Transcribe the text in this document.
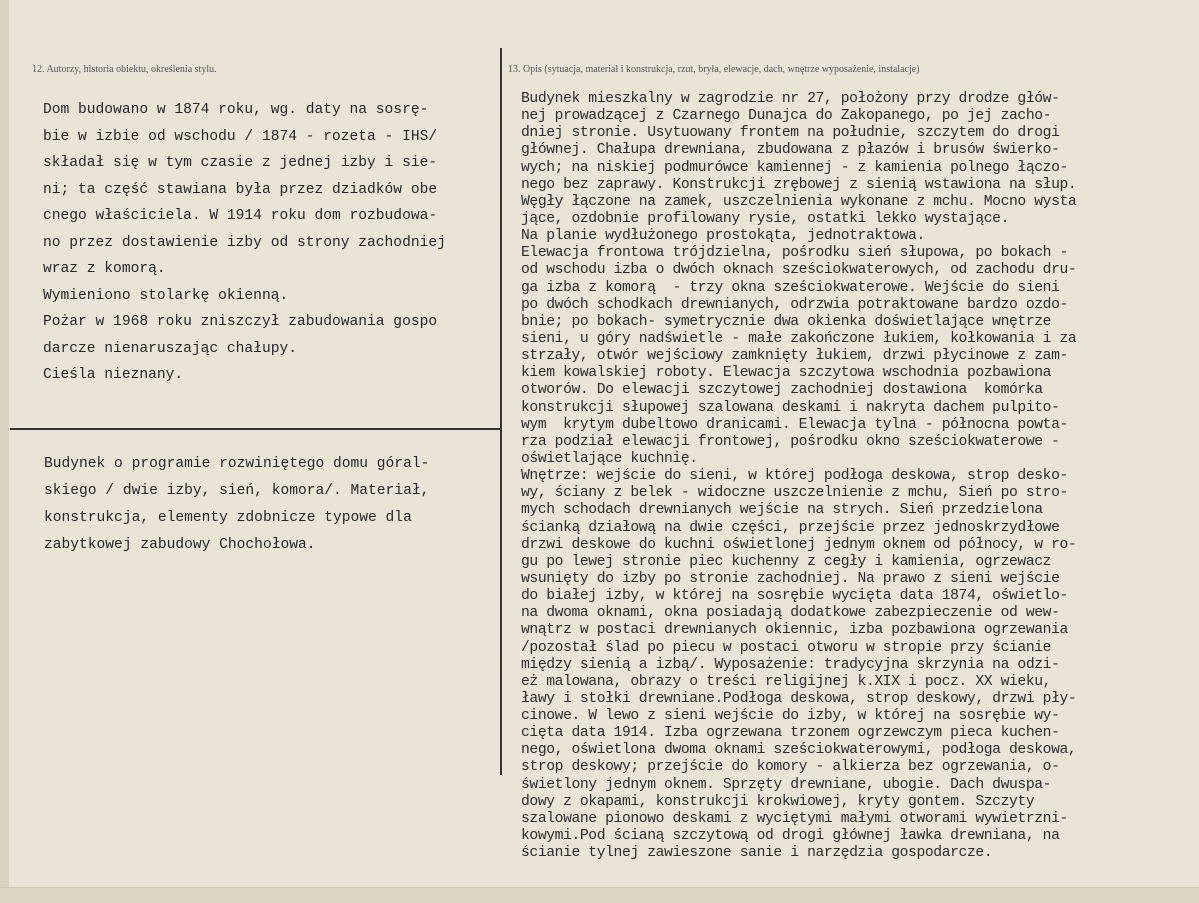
12. Autorzy, historia obiektu, określenia stylu.	13. Opis (sytuacja, materiał i konstrukcja, rzut, bryła, elewacje, dach, wnętrze wyposażenie, instalacje)
Dom budowano w 1874 roku, wg. daty na sosrę-
bie w izbie od wschodu / 1874 - rozeta - IHS/
składał się w tym czasie z jednej izby i sie-
ni; ta część stawiana była przez dziadków obe
cnego właściciela. W 1914 roku dom rozbudowa-
no przez dostawienie izby od strony zachodniej
wraz z komorą.
Wymieniono stolarkę okienną.
Pożar w 1968 roku zniszczył zabudowania gospo
darcze nienaruszając chałupy.
Cieśla nieznany.
Budynek o programie rozwiniętego domu góral-
skiego / dwie izby, sień, komora/. Materiał,
konstrukcja, elementy zdobnicze typowe dla
zabytkowej zabudowy Chochołowa.
Budynek mieszkalny w zagrodzie nr 27, położony przy drodze głów-
nej prowadzącej z Czarnego Dunajca do Zakopanego, po jej zacho-
dniej stronie. Usytuowany frontem na południe, szczytem do drogi
głównej. Chałupa drewniana, zbudowana z płazów i brusów świerko-
wych; na niskiej podmurówce kamiennej - z kamienia polnego łączo-
nego bez zaprawy. Konstrukcji zrębowej z sienią wstawiona na słup.
Węgły łączone na zamek, uszczelnienia wykonane z mchu. Mocno wysta
jące, ozdobnie profilowany rysie, ostatki lekko wystające.
Na planie wydłużonego prostokąta, jednotraktowa.
Elewacja frontowa trójdzielna, pośrodku sień słupowa, po bokach -
od wschodu izba o dwóch oknach sześciokwaterowych, od zachodu dru-
ga izba z komorą  - trzy okna sześciokwaterowe. Wejście do sieni
po dwóch schodkach drewnianych, odrzwia potraktowane bardzo ozdo-
bnie; po bokach- symetrycznie dwa okienka doświetlające wnętrze
sieni, u góry nadświetle - małe zakończone łukiem, kołkowania i za
strzały, otwór wejściowy zamknięty łukiem, drzwi płycinowe z zam-
kiem kowalskiej roboty. Elewacja szczytowa wschodnia pozbawiona
otworów. Do elewacji szczytowej zachodniej dostawiona  komórka
konstrukcji słupowej szalowana deskami i nakryta dachem pulpito-
wym  krytym dubeltowo dranicami. Elewacja tylna - północna powta-
rza podział elewacji frontowej, pośrodku okno sześciokwaterowe -
oświetlające kuchnię.
Wnętrze: wejście do sieni, w której podłoga deskowa, strop desko-
wy, ściany z belek - widoczne uszczelnienie z mchu, Sień po stro-
mych schodach drewnianych wejście na strych. Sień przedzielona
ścianką działową na dwie części, przejście przez jednoskrzydłowe
drzwi deskowe do kuchni oświetlonej jednym oknem od północy, w ro-
gu po lewej stronie piec kuchenny z cegły i kamienia, ogrzewacz
wsunięty do izby po stronie zachodniej. Na prawo z sieni wejście
do białej izby, w której na sosrębie wycięta data 1874, oświetlo-
na dwoma oknami, okna posiadają dodatkowe zabezpieczenie od wew-
wnątrz w postaci drewnianych okiennic, izba pozbawiona ogrzewania
/pozostał ślad po piecu w postaci otworu w stropie przy ścianie
między sienią a izbą/. Wyposażenie: tradycyjna skrzynia na odzi-
eż malowana, obrazy o treści religijnej k.XIX i pocz. XX wieku,
ławy i stołki drewniane.Podłoga deskowa, strop deskowy, drzwi pły-
cinowe. W lewo z sieni wejście do izby, w której na sosrębie wy-
cięta data 1914. Izba ogrzewana trzonem ogrzewczym pieca kuchen-
nego, oświetlona dwoma oknami sześciokwaterowymi, podłoga deskowa,
strop deskowy; przejście do komory - alkierza bez ogrzewania, o-
świetlony jednym oknem. Sprzęty drewniane, ubogie. Dach dwuspa-
dowy z okapami, konstrukcji krokwiowej, kryty gontem. Szczyty
szalowane pionowo deskami z wyciętymi małymi otworami wywietrzni-
kowymi.Pod ścianą szczytową od drogi głównej ławka drewniana, na
ścianie tylnej zawieszone sanie i narzędzia gospodarcze.
